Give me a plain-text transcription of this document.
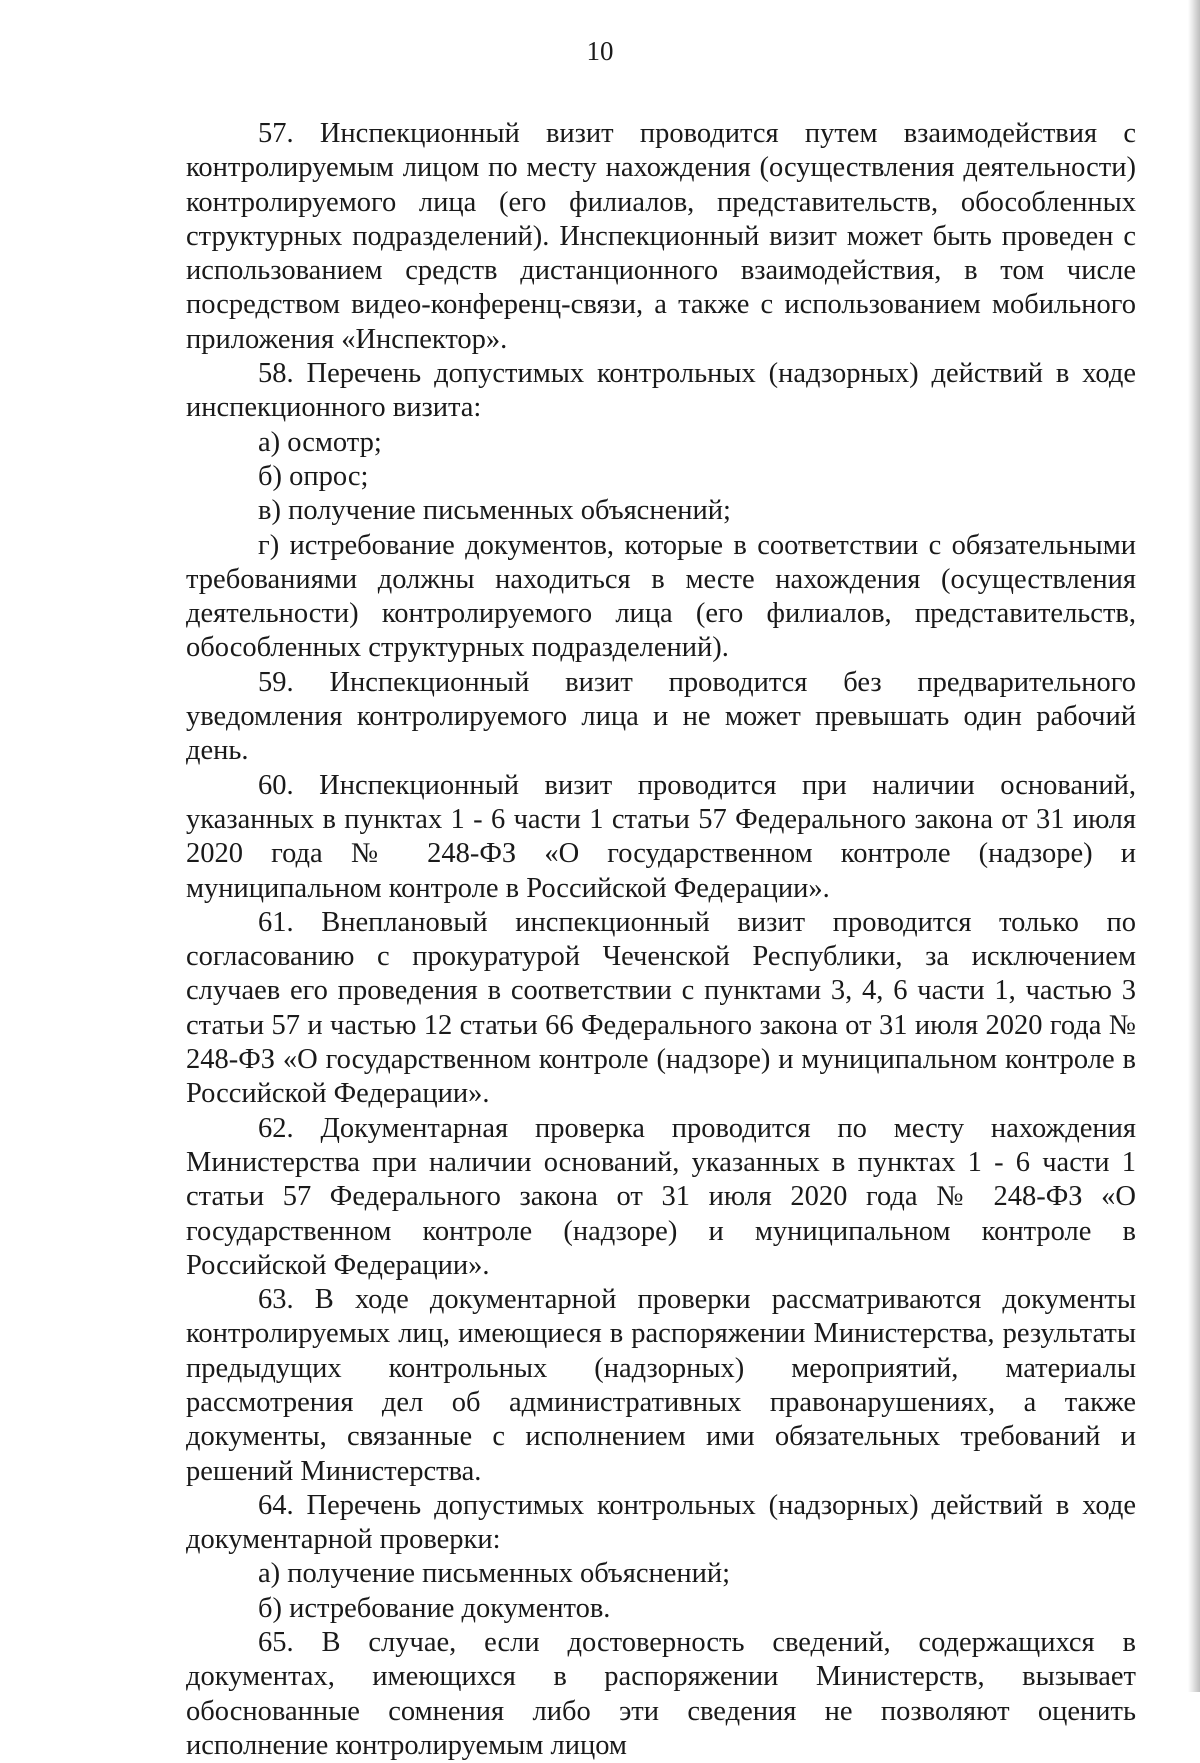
10

57. Инспекционный визит проводится путем взаимодействия с контролируемым лицом по месту нахождения (осуществления деятельности) контролируемого лица (его филиалов, представительств, обособленных структурных подразделений). Инспекционный визит может быть проведен с использованием средств дистанционного взаимодействия, в том числе посредством видео-конференц-связи, а также с использованием мобильного приложения «Инспектор».

58. Перечень допустимых контрольных (надзорных) действий в ходе инспекционного визита:

а) осмотр;

б) опрос;

в) получение письменных объяснений;

г) истребование документов, которые в соответствии с обязательными требованиями должны находиться в месте нахождения (осуществления деятельности) контролируемого лица (его филиалов, представительств, обособленных структурных подразделений).

59. Инспекционный визит проводится без предварительного уведомления контролируемого лица и не может превышать один рабочий день.

60. Инспекционный визит проводится при наличии оснований, указанных в пунктах 1 - 6 части 1 статьи 57 Федерального закона от 31 июля 2020 года № 248-ФЗ «О государственном контроле (надзоре) и муниципальном контроле в Российской Федерации».

61. Внеплановый инспекционный визит проводится только по согласованию с прокуратурой Чеченской Республики, за исключением случаев его проведения в соответствии с пунктами 3, 4, 6 части 1, частью 3 статьи 57 и частью 12 статьи 66 Федерального закона от 31 июля 2020 года № 248-ФЗ «О государственном контроле (надзоре) и муниципальном контроле в Российской Федерации».

62. Документарная проверка проводится по месту нахождения Министерства при наличии оснований, указанных в пунктах 1 - 6 части 1 статьи 57 Федерального закона от 31 июля 2020 года № 248-ФЗ «О государственном контроле (надзоре) и муниципальном контроле в Российской Федерации».

63. В ходе документарной проверки рассматриваются документы контролируемых лиц, имеющиеся в распоряжении Министерства, результаты предыдущих контрольных (надзорных) мероприятий, материалы рассмотрения дел об административных правонарушениях, а также документы, связанные с исполнением ими обязательных требований и решений Министерства.

64. Перечень допустимых контрольных (надзорных) действий в ходе документарной проверки:

а) получение письменных объяснений;

б) истребование документов.

65. В случае, если достоверность сведений, содержащихся в документах, имеющихся в распоряжении Министерств, вызывает обоснованные сомнения либо эти сведения не позволяют оценить исполнение контролируемым лицом
